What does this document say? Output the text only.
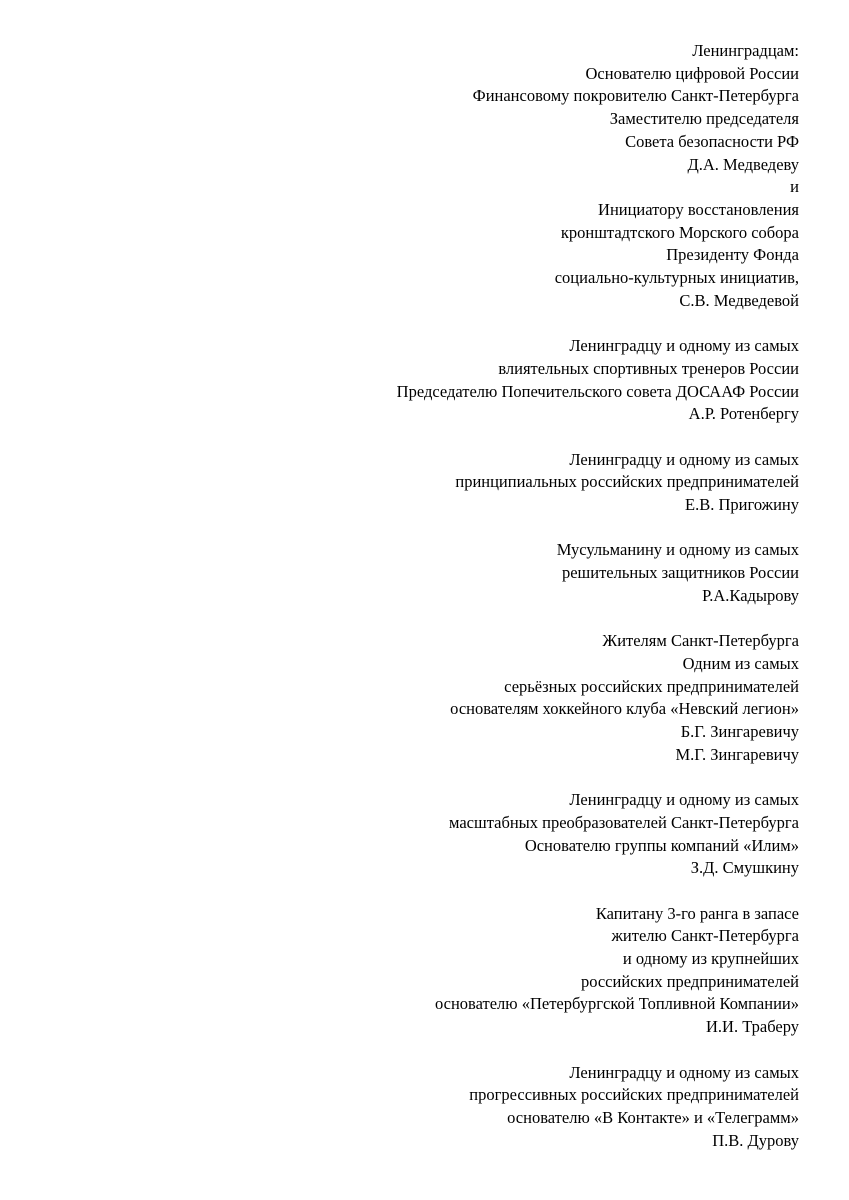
Ленинградцам:
Основателю цифровой России
Финансовому покровителю Санкт-Петербурга
Заместителю председателя
Совета безопасности РФ
Д.А. Медведеву
и
Инициатору восстановления
кронштадтского Морского собора
Президенту Фонда
социально-культурных инициатив,
С.В. Медведевой
Ленинградцу и одному из самых
влиятельных спортивных тренеров России
Председателю Попечительского совета ДОСААФ России
А.Р. Ротенбергу
Ленинградцу и одному из самых
принципиальных российских предпринимателей
Е.В. Пригожину
Мусульманину и одному из самых
решительных защитников России
Р.А.Кадырову
Жителям Санкт-Петербурга
Одним из самых
серьёзных российских предпринимателей
основателям хоккейного клуба «Невский легион»
Б.Г. Зингаревичу
М.Г. Зингаревичу
Ленинградцу и одному из самых
масштабных преобразователей Санкт-Петербурга
Основателю группы компаний «Илим»
З.Д. Смушкину
Капитану 3-го ранга в запасе
жителю Санкт-Петербурга
и одному из крупнейших
российских предпринимателей
основателю «Петербургской Топливной Компании»
И.И. Траберу
Ленинградцу и одному из самых
прогрессивных российских предпринимателей
основателю «В Контакте» и «Телеграмм»
П.В. Дурову
